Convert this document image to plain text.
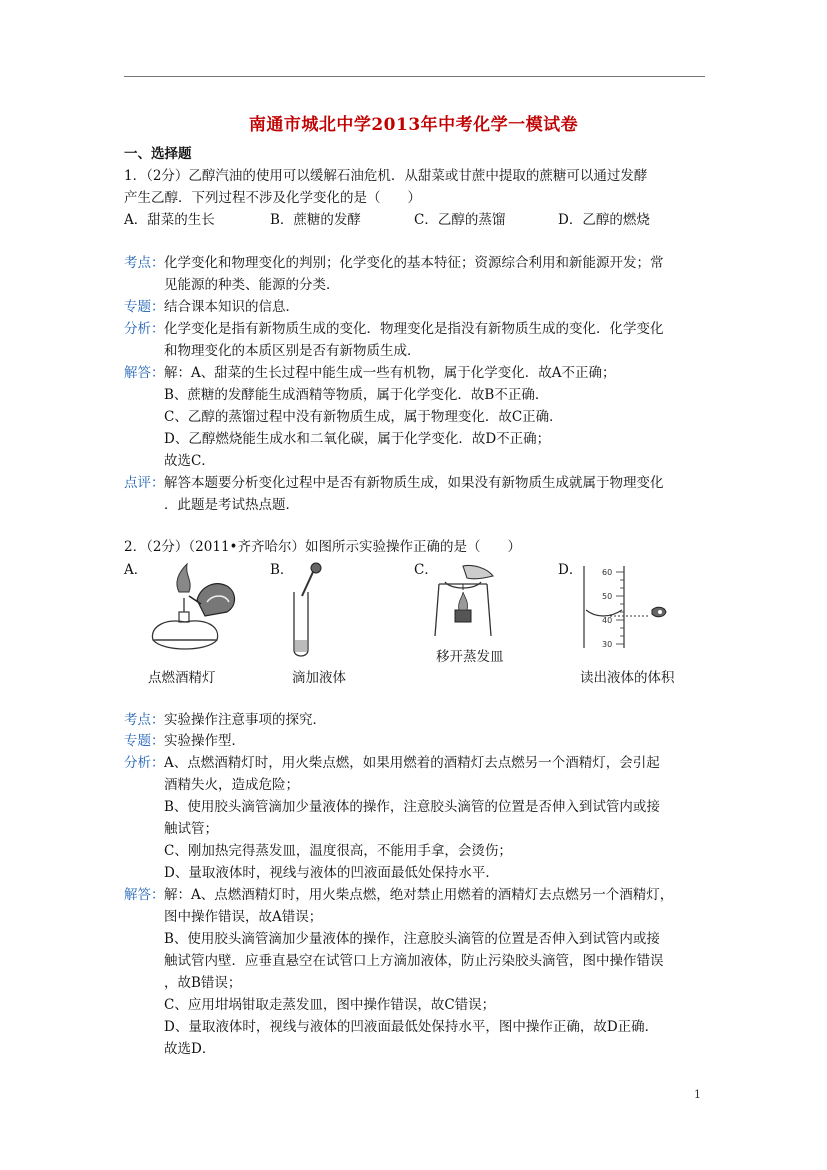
南通市城北中学2013年中考化学一模试卷
一、选择题
1．（2分）乙醇汽油的使用可以缓解石油危机．从甜菜或甘蔗中提取的蔗糖可以通过发酵
产生乙醇．下列过程不涉及化学变化的是（　　）
A．甜菜的生长	B．蔗糖的发酵	C．乙醇的蒸馏	D．乙醇的燃烧
考点： 化学变化和物理变化的判别；化学变化的基本特征；资源综合利用和新能源开发；常
见能源的种类、能源的分类．
专题： 结合课本知识的信息．
分析： 化学变化是指有新物质生成的变化．物理变化是指没有新物质生成的变化．化学变化
和物理变化的本质区别是否有新物质生成．
解答： 解：A、甜菜的生长过程中能生成一些有机物，属于化学变化．故A不正确；
B、蔗糖的发酵能生成酒精等物质，属于化学变化．故B不正确．
C、乙醇的蒸馏过程中没有新物质生成，属于物理变化．故C正确．
D、乙醇燃烧能生成水和二氧化碳，属于化学变化．故D不正确；
故选C．
点评： 解答本题要分析变化过程中是否有新物质生成，如果没有新物质生成就属于物理变化
．此题是考试热点题．
2．（2分）（2011•齐齐哈尔）如图所示实验操作正确的是（　　）
A．	B．	C．	D．
移开蒸发皿
60
50
40
30
点燃酒精灯	滴加液体	读出液体的体积
考点： 实验操作注意事项的探究．
专题： 实验操作型．
分析： A、点燃酒精灯时，用火柴点燃，如果用燃着的酒精灯去点燃另一个酒精灯，会引起
酒精失火，造成危险；
B、使用胶头滴管滴加少量液体的操作，注意胶头滴管的位置是否伸入到试管内或接
触试管；
C、刚加热完得蒸发皿，温度很高，不能用手拿，会烫伤；
D、量取液体时，视线与液体的凹液面最低处保持水平．
解答： 解：A、点燃酒精灯时，用火柴点燃，绝对禁止用燃着的酒精灯去点燃另一个酒精灯，
图中操作错误，故A错误；
B、使用胶头滴管滴加少量液体的操作，注意胶头滴管的位置是否伸入到试管内或接
触试管内壁．应垂直悬空在试管口上方滴加液体，防止污染胶头滴管，图中操作错误
，故B错误；
C、应用坩埚钳取走蒸发皿，图中操作错误，故C错误；
D、量取液体时，视线与液体的凹液面最低处保持水平，图中操作正确，故D正确．
故选D．
1
